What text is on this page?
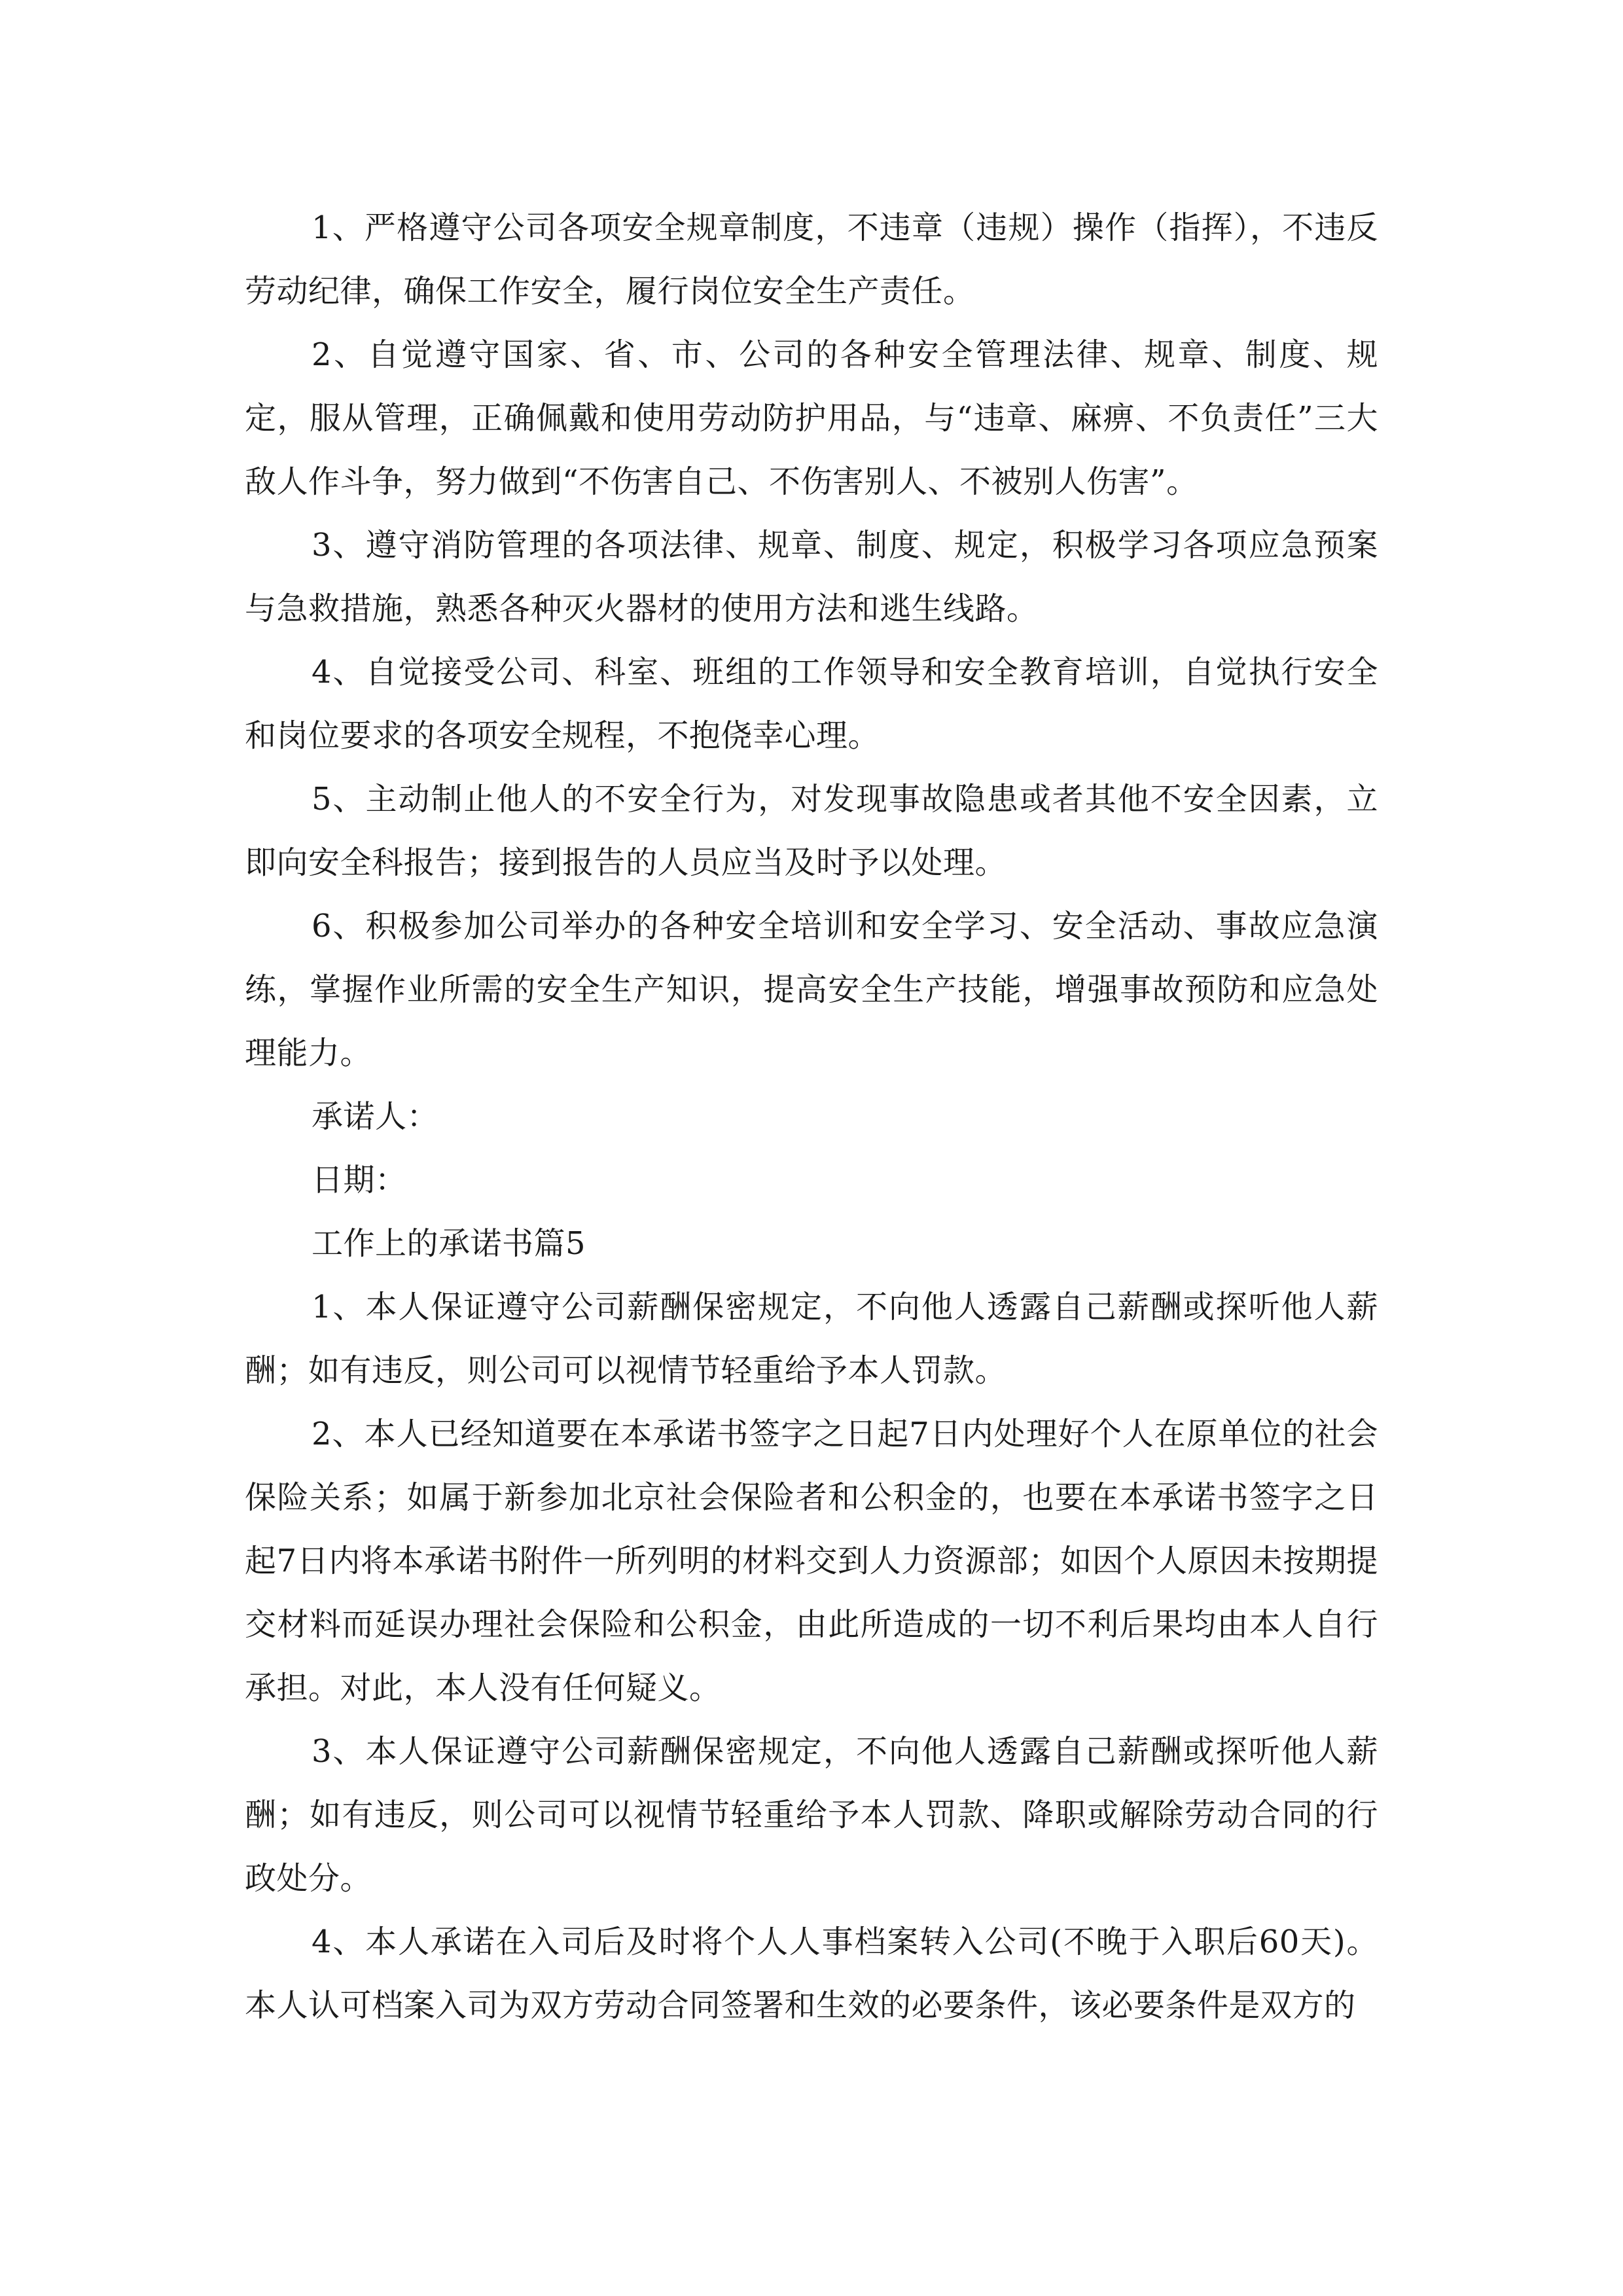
1、严格遵守公司各项安全规章制度，不违章（违规）操作（指挥），不违反劳动纪律，确保工作安全，履行岗位安全生产责任。

2、自觉遵守国家、省、市、公司的各种安全管理法律、规章、制度、规定，服从管理，正确佩戴和使用劳动防护用品，与“违章、麻痹、不负责任”三大敌人作斗争，努力做到“不伤害自己、不伤害别人、不被别人伤害”。

3、遵守消防管理的各项法律、规章、制度、规定，积极学习各项应急预案与急救措施，熟悉各种灭火器材的使用方法和逃生线路。

4、自觉接受公司、科室、班组的工作领导和安全教育培训，自觉执行安全和岗位要求的各项安全规程，不抱侥幸心理。

5、主动制止他人的不安全行为，对发现事故隐患或者其他不安全因素，立即向安全科报告；接到报告的人员应当及时予以处理。

6、积极参加公司举办的各种安全培训和安全学习、安全活动、事故应急演练，掌握作业所需的安全生产知识，提高安全生产技能，增强事故预防和应急处理能力。

承诺人：

日期：

工作上的承诺书篇5

1、本人保证遵守公司薪酬保密规定，不向他人透露自己薪酬或探听他人薪酬；如有违反，则公司可以视情节轻重给予本人罚款。

2、本人已经知道要在本承诺书签字之日起7日内处理好个人在原单位的社会保险关系；如属于新参加北京社会保险者和公积金的，也要在本承诺书签字之日起7日内将本承诺书附件一所列明的材料交到人力资源部；如因个人原因未按期提交材料而延误办理社会保险和公积金，由此所造成的一切不利后果均由本人自行承担。对此，本人没有任何疑义。

3、本人保证遵守公司薪酬保密规定，不向他人透露自己薪酬或探听他人薪酬；如有违反，则公司可以视情节轻重给予本人罚款、降职或解除劳动合同的行政处分。

4、本人承诺在入司后及时将个人人事档案转入公司(不晚于入职后60天)。本人认可档案入司为双方劳动合同签署和生效的必要条件，该必要条件是双方的
